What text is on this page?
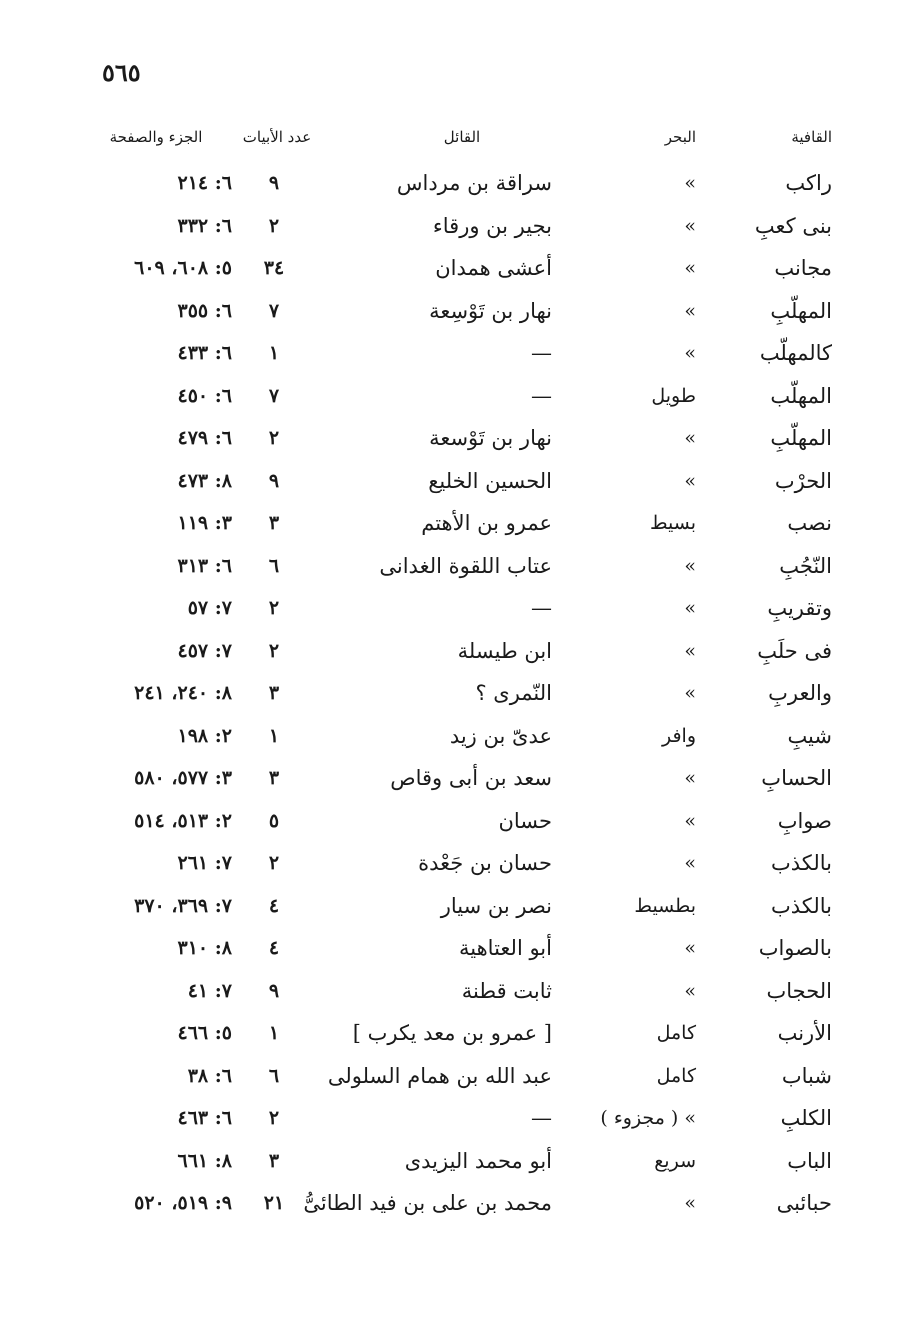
٥٦٥
القافية
البحر
القائل
عدد الأبيات
الجزء والصفحة
راكب
»
سراقة بن مرداس
٩
٦: ٢١٤
بنى كعبِ
»
بجير بن ورقاء
٢
٦: ٣٣٢
مجانب
»
أعشى همدان
٣٤
٥: ٦٠٨، ٦٠٩
المهلّبِ
»
نهار بن تَوْسِعة
٧
٦: ٣٥٥
كالمهلّب
»
—
١
٦: ٤٣٣
المهلّب
طويل
—
٧
٦: ٤٥٠
المهلّبِ
»
نهار بن تَوْسعة
٢
٦: ٤٧٩
الحرْب
»
الحسين الخليع
٩
٨: ٤٧٣
نصب
بسيط
عمرو بن الأهتم
٣
٣: ١١٩
النّجُبِ
»
عتاب اللقوة الغدانى
٦
٦: ٣١٣
وتقريبِ
»
—
٢
٧: ٥٧
فى حلَبِ
»
ابن طيسلة
٢
٧: ٤٥٧
والعربِ
»
النّمرى ؟
٣
٨: ٢٤٠، ٢٤١
شيبِ
وافر
عدىّ بن زيد
١
٢: ١٩٨
الحسابِ
»
سعد بن أبى وقاص
٣
٣: ٥٧٧، ٥٨٠
صوابِ
»
حسان
٥
٢: ٥١٣، ٥١٤
بالكذب
»
حسان بن جَعْدة
٢
٧: ٢٦١
بالكذب
بطسيط
نصر بن سيار
٤
٧: ٣٦٩، ٣٧٠
بالصواب
»
أبو العتاهية
٤
٨: ٣١٠
الحجاب
»
ثابت قطنة
٩
٧: ٤١
الأرنب
كامل
[ عمرو بن معد يكرب ]
١
٥: ٤٦٦
شباب
كامل
عبد الله بن همام السلولى
٦
٦: ٣٨
الكلبِ
» ( مجزوء )
—
٢
٦: ٤٦٣
الباب
سريع
أبو محمد اليزيدى
٣
٨: ٦٦١
حبائبى
»
محمد بن على بن فيد الطائىُّ
٢١
٩: ٥١٩، ٥٢٠
